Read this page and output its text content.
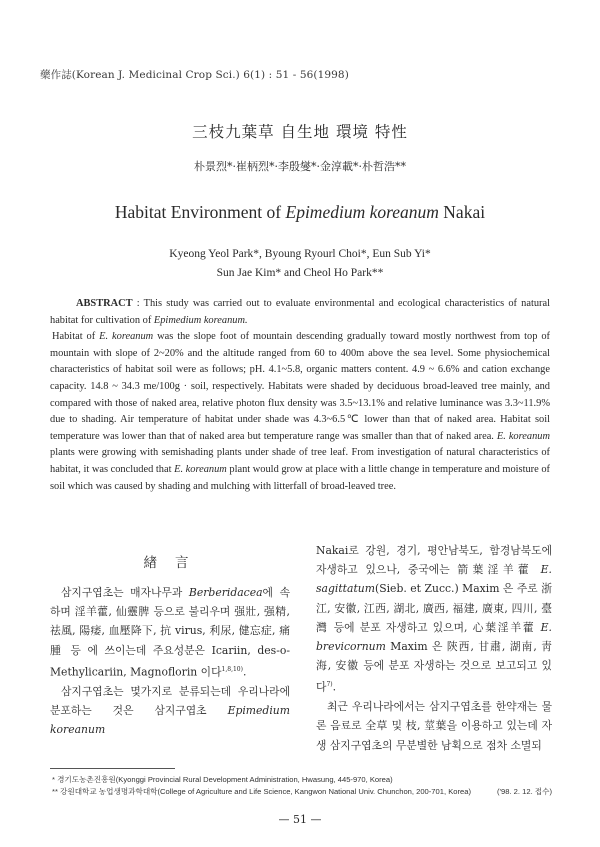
藥作誌(Korean J. Medicinal Crop Sci.) 6(1) : 51 - 56(1998)
三枝九葉草 自生地 環境 特性
朴景烈*·崔柄烈*·李殷燮*·金淳載*·朴哲浩**
Habitat Environment of Epimedium koreanum Nakai
Kyeong Yeol Park*, Byoung Ryourl Choi*, Eun Sub Yi*
Sun Jae Kim* and Cheol Ho Park**

ABSTRACT : This study was carried out to evaluate environmental and ecological characteristics of natural habitat for cultivation of Epimedium koreanum.

Habitat of E. koreanum was the slope foot of mountain descending gradually toward mostly northwest from top of mountain with slope of 2~20% and the altitude ranged from 60 to 400m above the sea level. Some physiochemical characteristics of habitat soil were as follows; pH. 4.1~5.8, organic matters content. 4.9 ~ 6.6% and cation exchange capacity. 14.8 ~ 34.3 me/100g · soil, respectively. Habitats were shaded by deciduous broad-leaved tree mainly, and compared with those of naked area, relative photon flux density was 3.5~13.1% and relative luminance was 3.3~11.9% due to shading. Air temperature of habitat under shade was 4.3~6.5℃ lower than that of naked area. Habitat soil temperature was lower than that of naked area but temperature range was smaller than that of naked area. E. koreanum plants were growing with semishading plants under shade of tree leaf. From investigation of natural characteristics of habitat, it was concluded that E. koreanum plant would grow at place with a little change in temperature and moisture of soil which was caused by shading and mulching with litterfall of broad-leaved tree.

緖言

삼지구엽초는 매자나무과 Berberidacea에 속하며 淫羊藿, 仙靈脾 등으로 불리우며 强壯, 强精, 祛風, 陽痿, 血壓降下, 抗 virus, 利尿, 健忘症, 痛腫 등 에 쓰이는데 주요성분은 Icariin, des-o-Methylicariin, Magnoflorin 이다$^{1,8,10)}$.

삼지구엽초는 몇가지로 분류되는데 우리나라에 분포하는 것은 삼지구엽초 Epimedium koreanum

Nakai로 강원, 경기, 평안남북도, 함경남북도에 자생하고 있으나, 중국에는 箭葉淫羊藿 E. sagittatum(Sieb. et Zucc.) Maxim 은 주로 浙江, 安徽, 江西, 湖北, 廣西, 福建, 廣東, 四川, 臺灣 등에 분포 자생하고 있으며, 心葉淫羊藿 E. brevicornum Maxim 은 陝西, 甘肅, 湖南, 靑海, 安徽 등에 분포 자생하는 것으로 보고되고 있다$^{7)}$.

최근 우리나라에서는 삼지구엽초를 한약재는 물론 음료로 全草 및 枝, 莖葉을 이용하고 있는데 자생 삼지구엽초의 무분별한 남획으로 점차 소멸되

* 경기도농촌진흥원(Kyonggi Provincial Rural Development Administration, Hwasung, 445-970, Korea)
** 강원대학교 농업생명과학대학(College of Agriculture and Life Science, Kangwon National Univ. Chunchon, 200-701, Korea)	('98. 2. 12. 접수)
— 51 —
